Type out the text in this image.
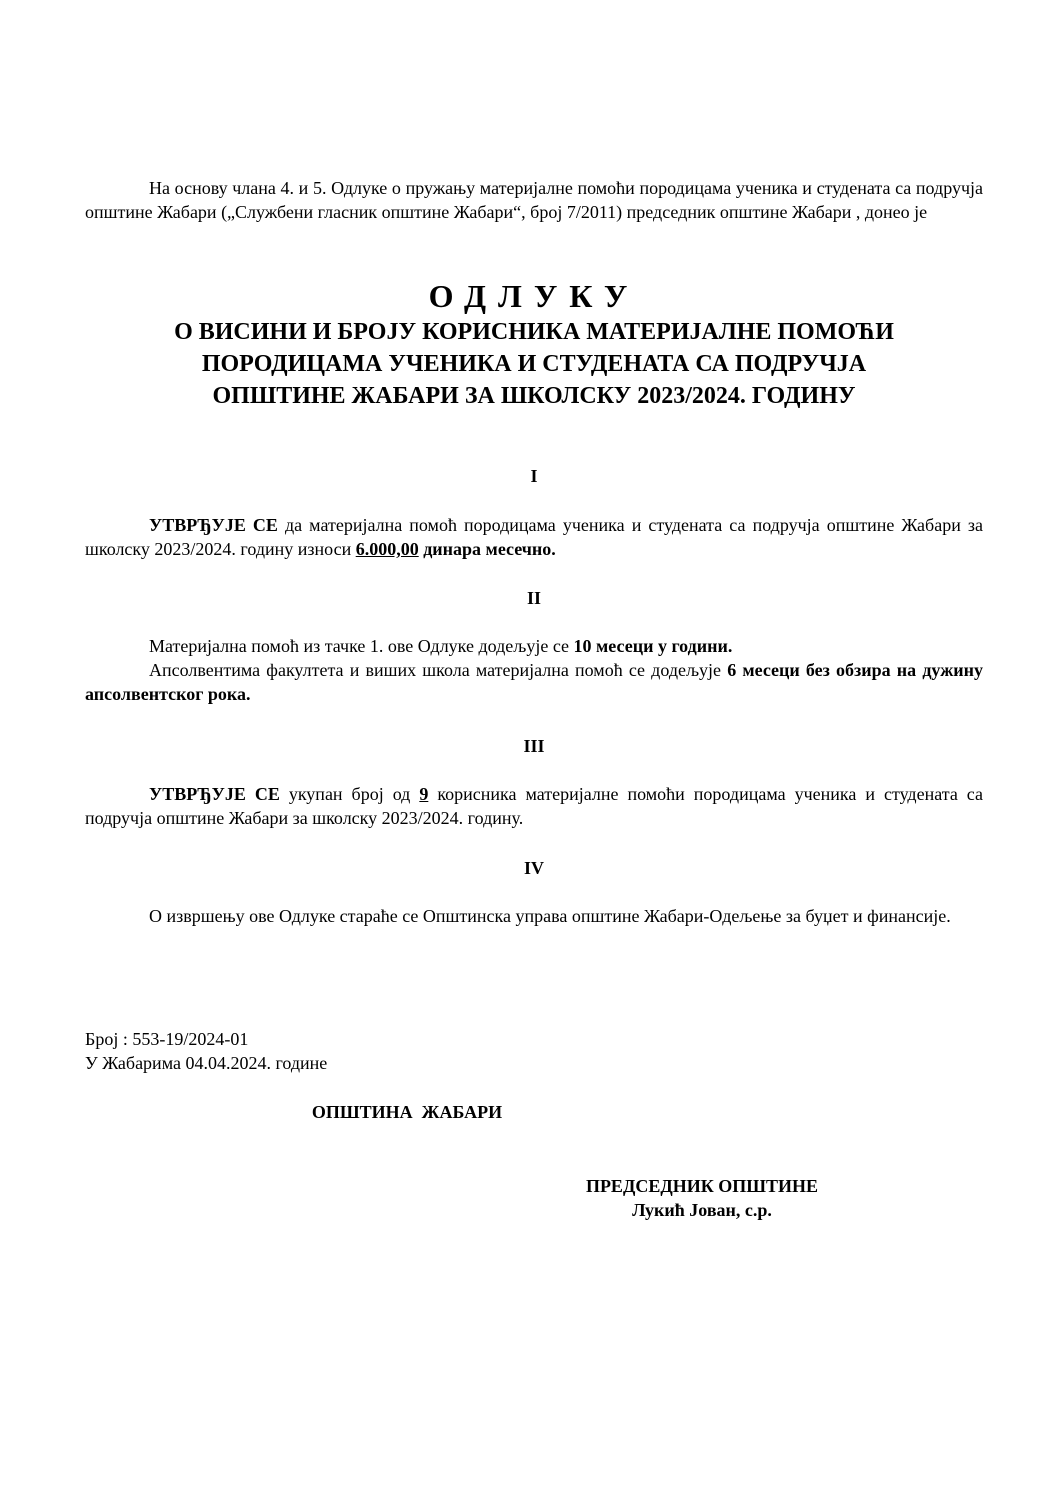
На основу члана 4. и 5. Одлуке о пружању материјалне помоћи породицама ученика и студената са подручја општине Жабари („Службени гласник општине Жабари“, број 7/2011) председник општине Жабари , донео је

ОДЛУКУ
О ВИСИНИ И БРОЈУ КОРИСНИКА МАТЕРИЈАЛНЕ ПОМОЋИ
ПОРОДИЦАМА УЧЕНИКА И СТУДЕНАТА СА ПОДРУЧЈА
ОПШТИНЕ ЖАБАРИ ЗА ШКОЛСКУ 2023/2024. ГОДИНУ
I

УТВРЂУЈЕ СЕ да материјална помоћ породицама ученика и студената са подручја општине Жабари за школску 2023/2024. годину износи 6.000,00 динара месечно.

II

Материјална помоћ из тачке 1. ове Одлуке додељује се 10 месеци у години.

Апсолвентима факултета и виших школа материјална помоћ се додељује 6 месеци без обзира на дужину апсолвентског рока.

III

УТВРЂУЈЕ СЕ укупан број од 9 корисника материјалне помоћи породицама ученика и студената са подручја општине Жабари за школску 2023/2024. годину.

IV

О извршењу ове Одлуке стараће се Општинска управа општине Жабари-Одељење за буџет и финансије.

Број : 553-19/2024-01
У Жабарима 04.04.2024. године
ОПШТИНА  ЖАБАРИ
ПРЕДСЕДНИК ОПШТИНЕ
Лукић Јован, с.р.
